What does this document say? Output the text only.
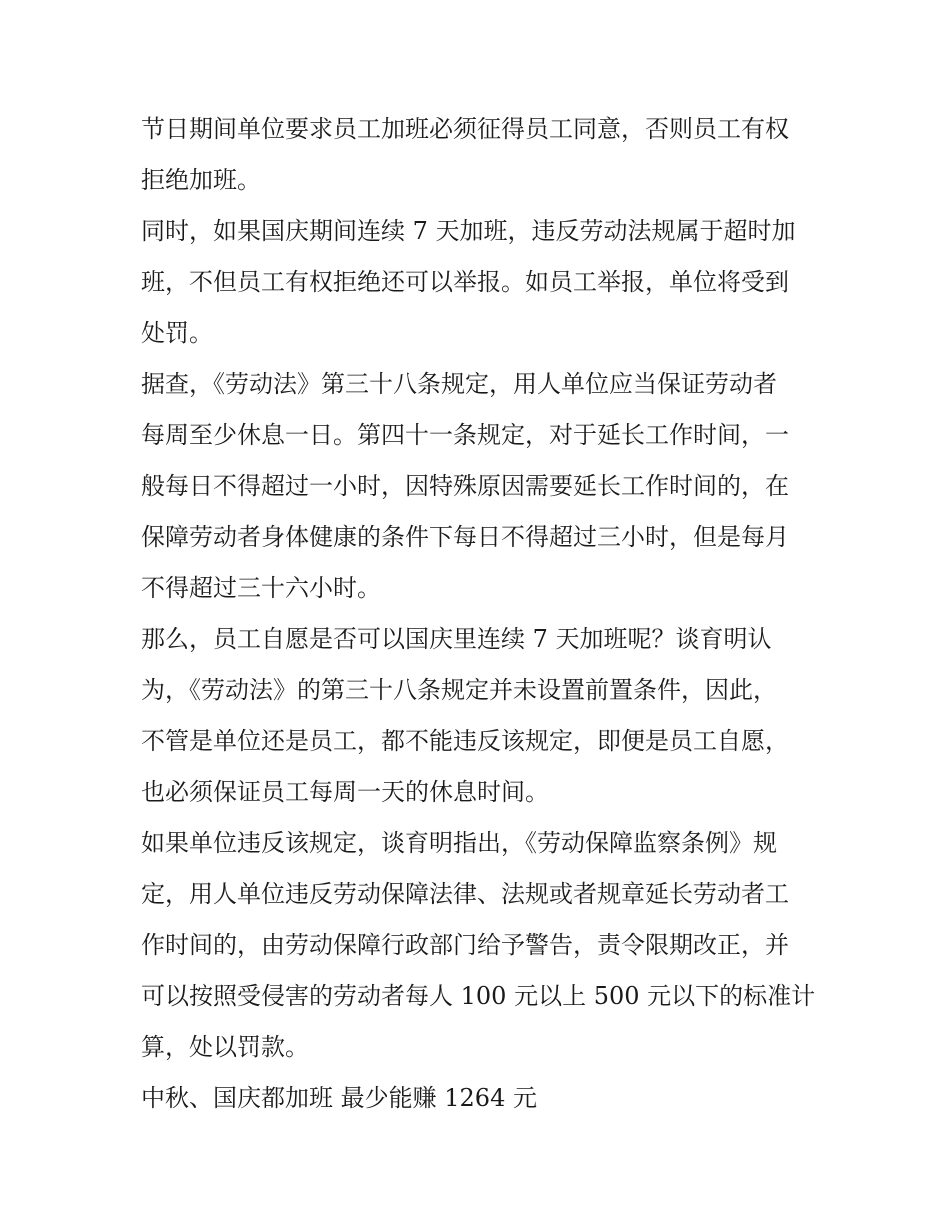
节日期间单位要求员工加班必须征得员工同意，否则员工有权
拒绝加班。

同时，如果国庆期间连续 7 天加班，违反劳动法规属于超时加
班，不但员工有权拒绝还可以举报。如员工举报，单位将受到
处罚。

据查，《劳动法》第三十八条规定，用人单位应当保证劳动者
每周至少休息一日。第四十一条规定，对于延长工作时间，一
般每日不得超过一小时，因特殊原因需要延长工作时间的，在
保障劳动者身体健康的条件下每日不得超过三小时，但是每月
不得超过三十六小时。

那么，员工自愿是否可以国庆里连续 7 天加班呢？谈育明认
为，《劳动法》的第三十八条规定并未设置前置条件，因此，
不管是单位还是员工，都不能违反该规定，即便是员工自愿，
也必须保证员工每周一天的休息时间。

如果单位违反该规定，谈育明指出，《劳动保障监察条例》规
定，用人单位违反劳动保障法律、法规或者规章延长劳动者工
作时间的，由劳动保障行政部门给予警告，责令限期改正，并
可以按照受侵害的劳动者每人 100 元以上 500 元以下的标准计
算，处以罚款。

中秋、国庆都加班 最少能赚 1264 元
